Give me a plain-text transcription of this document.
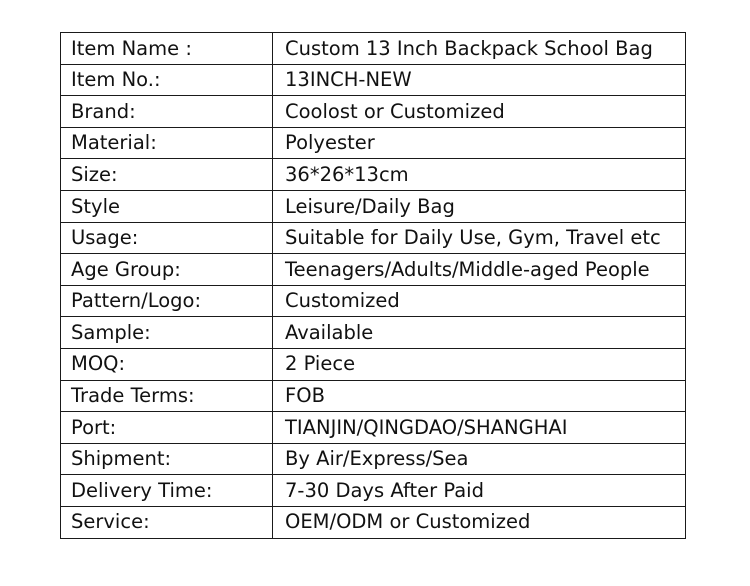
Item Name :	Custom 13 Inch Backpack School Bag
Item No.:	13INCH-NEW
Brand:	Coolost or Customized
Material:	Polyester
Size:	36*26*13cm
Style	Leisure/Daily Bag
Usage:	Suitable for Daily Use, Gym, Travel etc
Age Group:	Teenagers/Adults/Middle-aged People
Pattern/Logo:	Customized
Sample:	Available
MOQ:	2 Piece
Trade Terms:	FOB
Port:	TIANJIN/QINGDAO/SHANGHAI
Shipment:	By Air/Express/Sea
Delivery Time:	7-30 Days After Paid
Service:	OEM/ODM or Customized
